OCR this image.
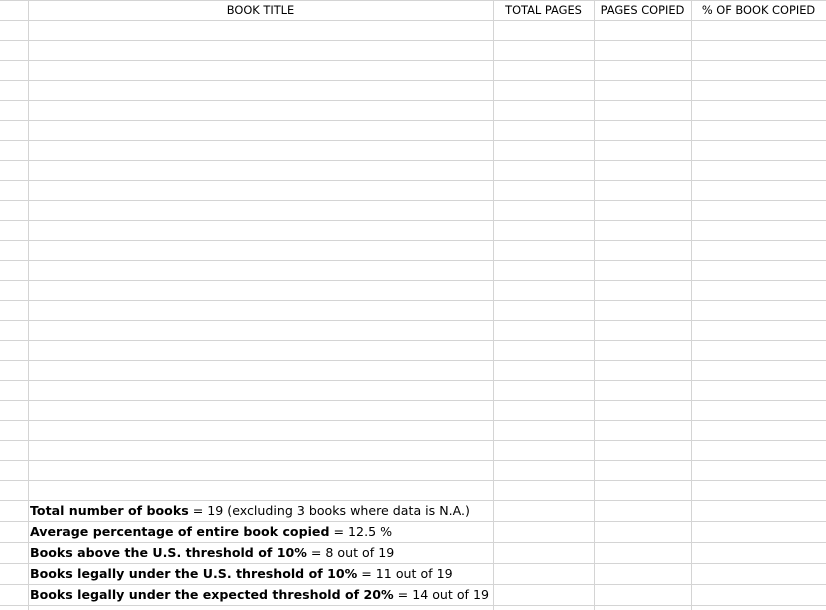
BOOK TITLE	TOTAL PAGES	PAGES COPIED	% OF BOOK COPIED
Total number of books = 19 (excluding 3 books where data is N.A.)
Average percentage of entire book copied = 12.5 %
Books above the U.S. threshold of 10% = 8 out of 19
Books legally under the U.S. threshold of 10% = 11 out of 19
Books legally under the expected threshold of 20% = 14 out of 19
